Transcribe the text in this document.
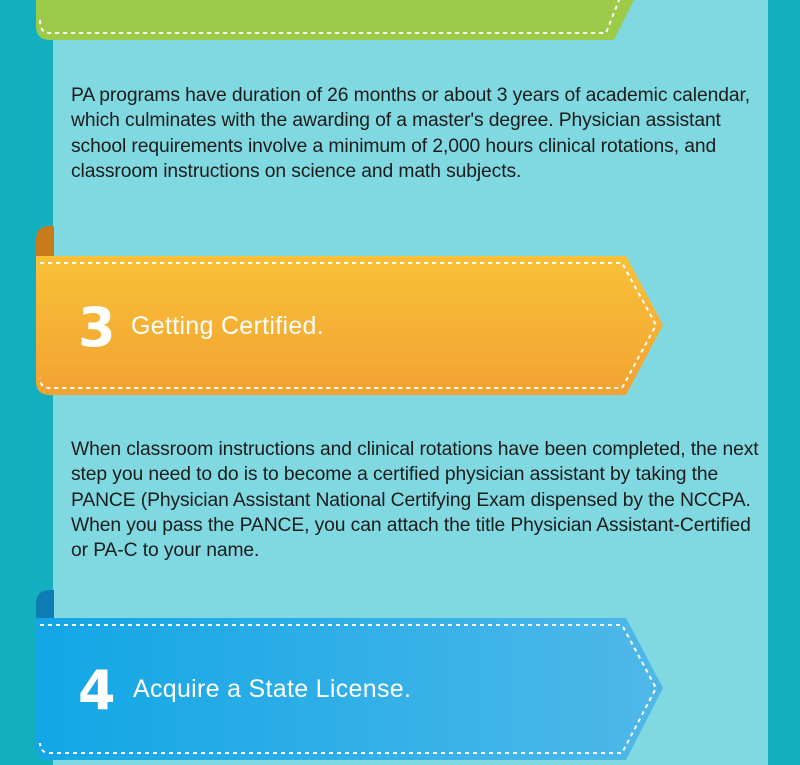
PA programs have duration of 26 months or about 3 years of academic calendar, which culminates with the awarding of a master's degree. Physician assistant school requirements involve a minimum of 2,000 hours clinical rotations, and classroom instructions on science and math subjects.

3 Getting Certified.

When classroom instructions and clinical rotations have been completed, the next step you need to do is to become a certified physician assistant by taking the PANCE (Physician Assistant National Certifying Exam dispensed by the NCCPA. When you pass the PANCE, you can attach the title Physician Assistant-Certified or PA-C to your name.

4 Acquire a State License.
